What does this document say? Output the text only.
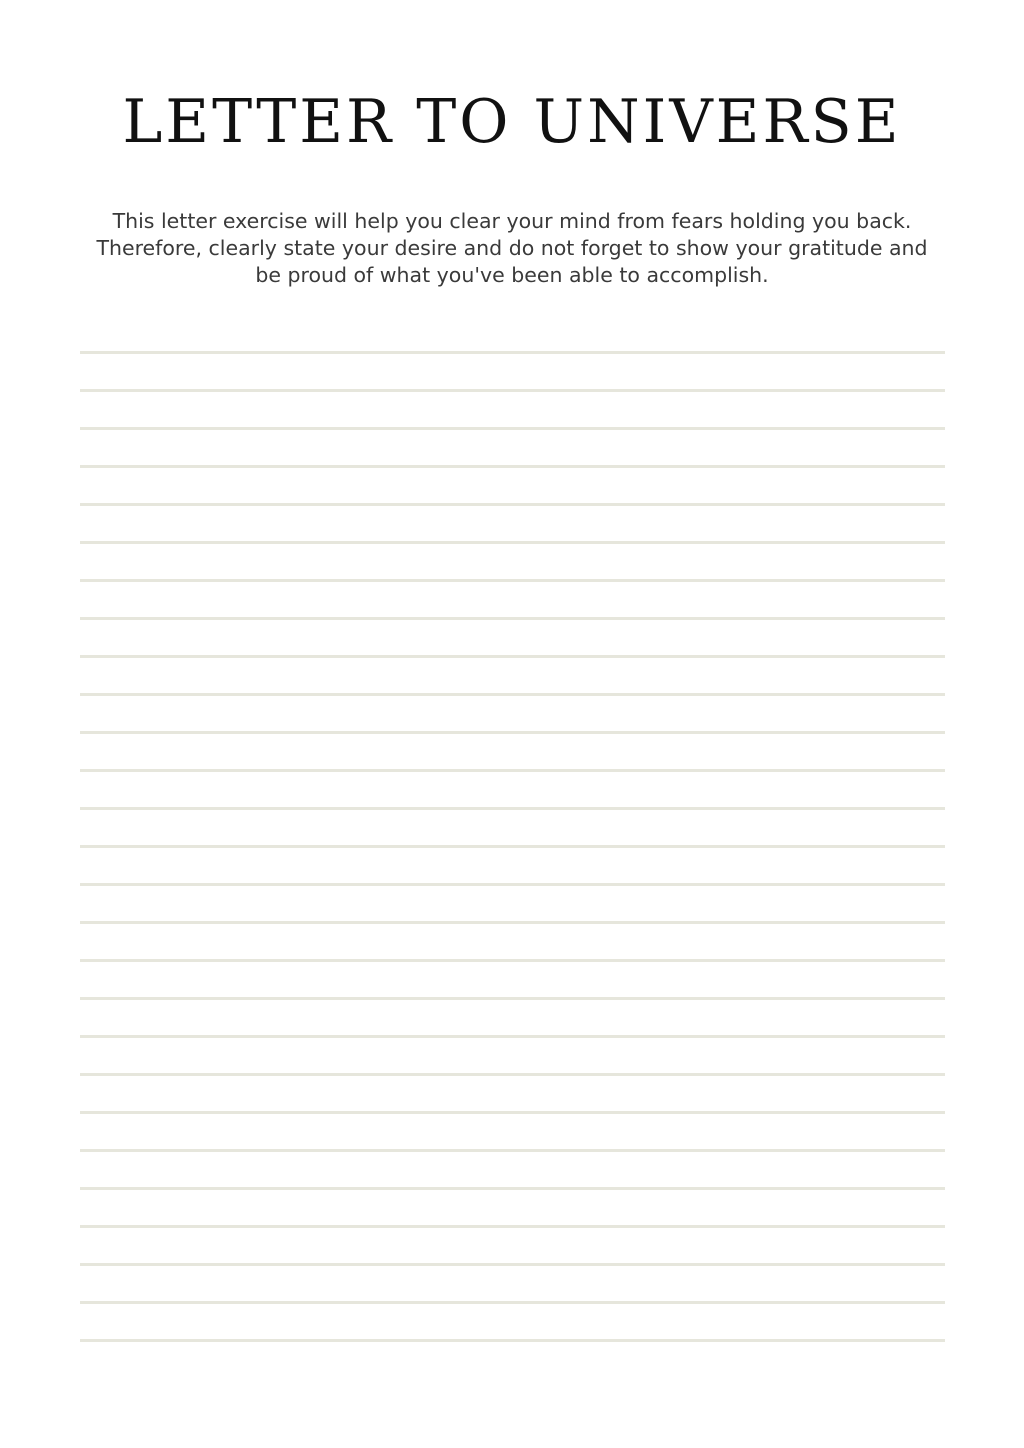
LETTER TO UNIVERSE

This letter exercise will help you clear your mind from fears holding you back.
Therefore, clearly state your desire and do not forget to show your gratitude and
be proud of what you've been able to accomplish.
